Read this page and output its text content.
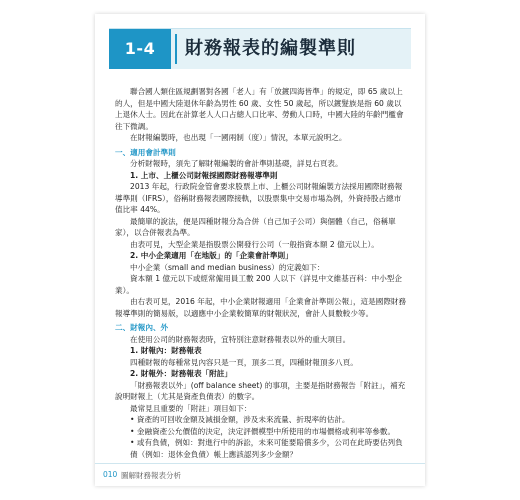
1-4	財務報表的編製準則

聯合國人類住區規劃署對各國「老人」有「放鍍四海皆準」的規定，即 65 歲以上的人，但是中國大陸退休年齡為男性 60 歲、女性 50 歲起，所以鍍髮族是指 60 歲以上退休人士。因此在計算老人人口占總人口比率、勞動人口時，中國大陸的年齡門檻會往下微調。

在財報編製時，也出現「一國兩制（度）」情況，本單元說明之。

一、適用會計準則

分析財報時，須先了解財報編製的會計準則基礎，詳見右頁表。

1. 上市、上櫃公司財報採國際財務報導準則

2013 年起，行政院金管會要求股票上市、上櫃公司財報編製方法採用國際財務報導準則（IFRS），俗稱財務報表國際接軌，以股票集中交易市場為例，外資持股占總市值比率 44%。

最簡單的說法，便是四種財報分為合併（自己加子公司）與個體（自己，俗稱單家），以合併報表為準。

由表可見，大型企業是指股票公開發行公司（一般指資本額 2 億元以上）。

2. 中小企業適用「在地版」的「企業會計準則」

中小企業（small and median business）的定義如下：

資本額 1 億元以下或經常僱用員工數 200 人以下（詳見中文維基百科：中小型企業）。

由右表可見，2016 年起，中小企業財報適用「企業會計準則公報」，這是國際財務報導準則的簡易版，以適應中小企業較簡單的財報狀況，會計人員數較少等。

二、財報內、外

在使用公司的財務報表時，宜特別注意財務報表以外的重大項目。

1. 財報內：財務報表

四種財報的每種常見內容只是一頁，頂多二頁，四種財報頂多八頁。

2. 財報外：財務報表「附註」

「財務報表以外」(off balance sheet) 的事項，主要是指財務報告「附註」，補充說明財報上（尤其是資產負債表）的數字。

最常見且重要的「附註」項目如下：

• 資產的可回收金額及減損金額，涉及未來流量、折現率的估計。

• 金融資產公允價值的決定，決定評價模型中所使用的市場價格或利率等參數。

• 或有負債，例如：對進行中的訴訟，未來可能要賠償多少，公司在此時要估列負債（例如：退休金負債）帳上應該認列多少金額？

010 圖解財務報表分析
